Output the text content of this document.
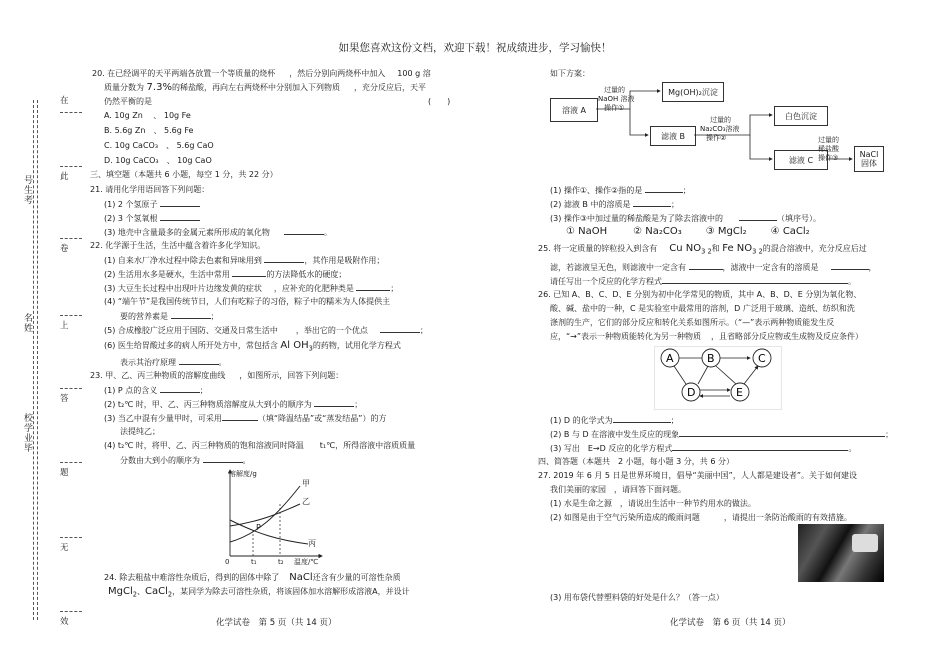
如果您喜欢这份文档，欢迎下载！祝成绩进步，学习愉快！
在
此
卷
上
答
题
无
效
号生考
名姓
校学业毕
20. 在已经调平的天平两端各放置一个等质量的烧杯 ，然后分别向两烧杯中加入 100 g 溶
质量分数为 7.3%的稀盐酸，再向左右两烧杯中分别加入下列物质 ，充分反应后，天平
仍然平衡的是	(　　)
A. 10g Zn　 、 10g Fe
B. 5.6g Zn　、 5.6g Fe
C. 10g CaCO₃　、 5.6g CaO
D. 10g CaCO₃　、 10g CaO
三、填空题（本题共 6 小题，每空 1 分，共 22 分）
21. 请用化学用语回答下列问题：
(1) 2 个氢原子
(2) 3 个氢氧根
(3) 地壳中含量最多的金属元素所形成的氧化物	。
22. 化学源于生活，生活中蕴含着许多化学知识。
(1) 自来水厂净水过程中除去色素和异味用到	，其作用是吸附作用；
(2) 生活用水多是硬水，生活中常用	的方法降低水的硬度；
(3) 大豆生长过程中出现叶片边缘发黄的症状 ，应补充的化肥种类是	；
(4) “端午节”是我国传统节日，人们有吃粽子的习俗，粽子中的糯米为人体提供主
要的营养素是	；
(5) 合成橡胶广泛应用于国防、交通及日常生活中 ，举出它的一个优点	；
(6) 医生给胃酸过多的病人所开处方中，常包括含 Al $OH_3$的药物，试用化学方程式
表示其治疗原理	。
23. 甲、乙、丙三种物质的溶解度曲线 ，如图所示，回答下列问题：
(1) P 点的含义	；
(2) t₂℃ 时，甲、乙、丙三种物质溶解度从大到小的顺序为	；
(3) 当乙中混有少量甲时，可采用	（填“降温结晶”或“蒸发结晶”）的方
法提纯乙；
(4) t₂℃ 时，将甲、乙、丙三种物质的饱和溶液同时降温 t₁℃，所得溶液中溶质质量
分数由大到小的顺序为	。
溶解度/g
温度/℃
0	t₁	t₂
甲
乙
丙
P
24. 除去粗盐中难溶性杂质后，得到的固体中除了 NaCl还含有少量的可溶性杂质
MgCl$_2$、CaCl$_2$，某同学为除去可溶性杂质，将该固体加水溶解形成溶液A，并设计
化学试卷　第 5 页（共 14 页）
如下方案：
溶液 A
Mg(OH)₂沉淀
滤液 B
白色沉淀
滤液 C
NaCl
固体
过量的
NaOH 溶液
操作①
过量的
Na₂CO₃溶液
操作②	过量的
稀盐酸
操作③
(1) 操作①、操作②指的是	；
(2) 滤液 B 中的溶质是	；
(3) 操作③中加过量的稀盐酸是为了除去溶液中的	（填序号）。
① NaOH	② Na₂CO₃ ③ MgCl₂ ④ CaCl₂
25. 将一定质量的锌粒投入到含有 Cu $NO_{3 2}$和 Fe $NO_{3 2}$的混合溶液中，充分反应后过
滤，若滤液呈无色，则滤液中一定含有	，滤液中一定含有的溶质是	，
请任写出一个反应的化学方程式	。
26. 已知 A、B、C、D、E 分别为初中化学常见的物质，其中 A、B、D、E 分别为氧化物、
酸、碱、盐中的一种，C 是实验室中最常用的溶剂，D 广泛用于玻璃、造纸、纺织和洗
涤剂的生产，它们的部分反应和转化关系如图所示。（“—”表示两种物质能发生反
应，“→”表示一种物质能转化为另一种物质 ，且省略部分反应物或生成物及反应条件）
A	B	C
D	E
(1) D 的化学式为	；
(2) B 与 D 在溶液中发生反应的现象	；
(3) 写出　E→D 反应的化学方程式	。
四、简答题（本题共　2 小题，每小题 3 分，共 6 分）
27. 2019 年 6 月 5 日是世界环境日，倡导“美丽中国”，人人都是建设者”。关于如何建设
我们美丽的家园　，请回答下面问题。
(1) 水是生命之源　，请说出生活中一种节约用水的做法。
(2) 如图是由于空气污染所造成的酸雨问题	，请提出一条防治酸雨的有效措施。
(3) 用布袋代替塑料袋的好处是什么？（答一点）
化学试卷　第 6 页（共 14 页）
